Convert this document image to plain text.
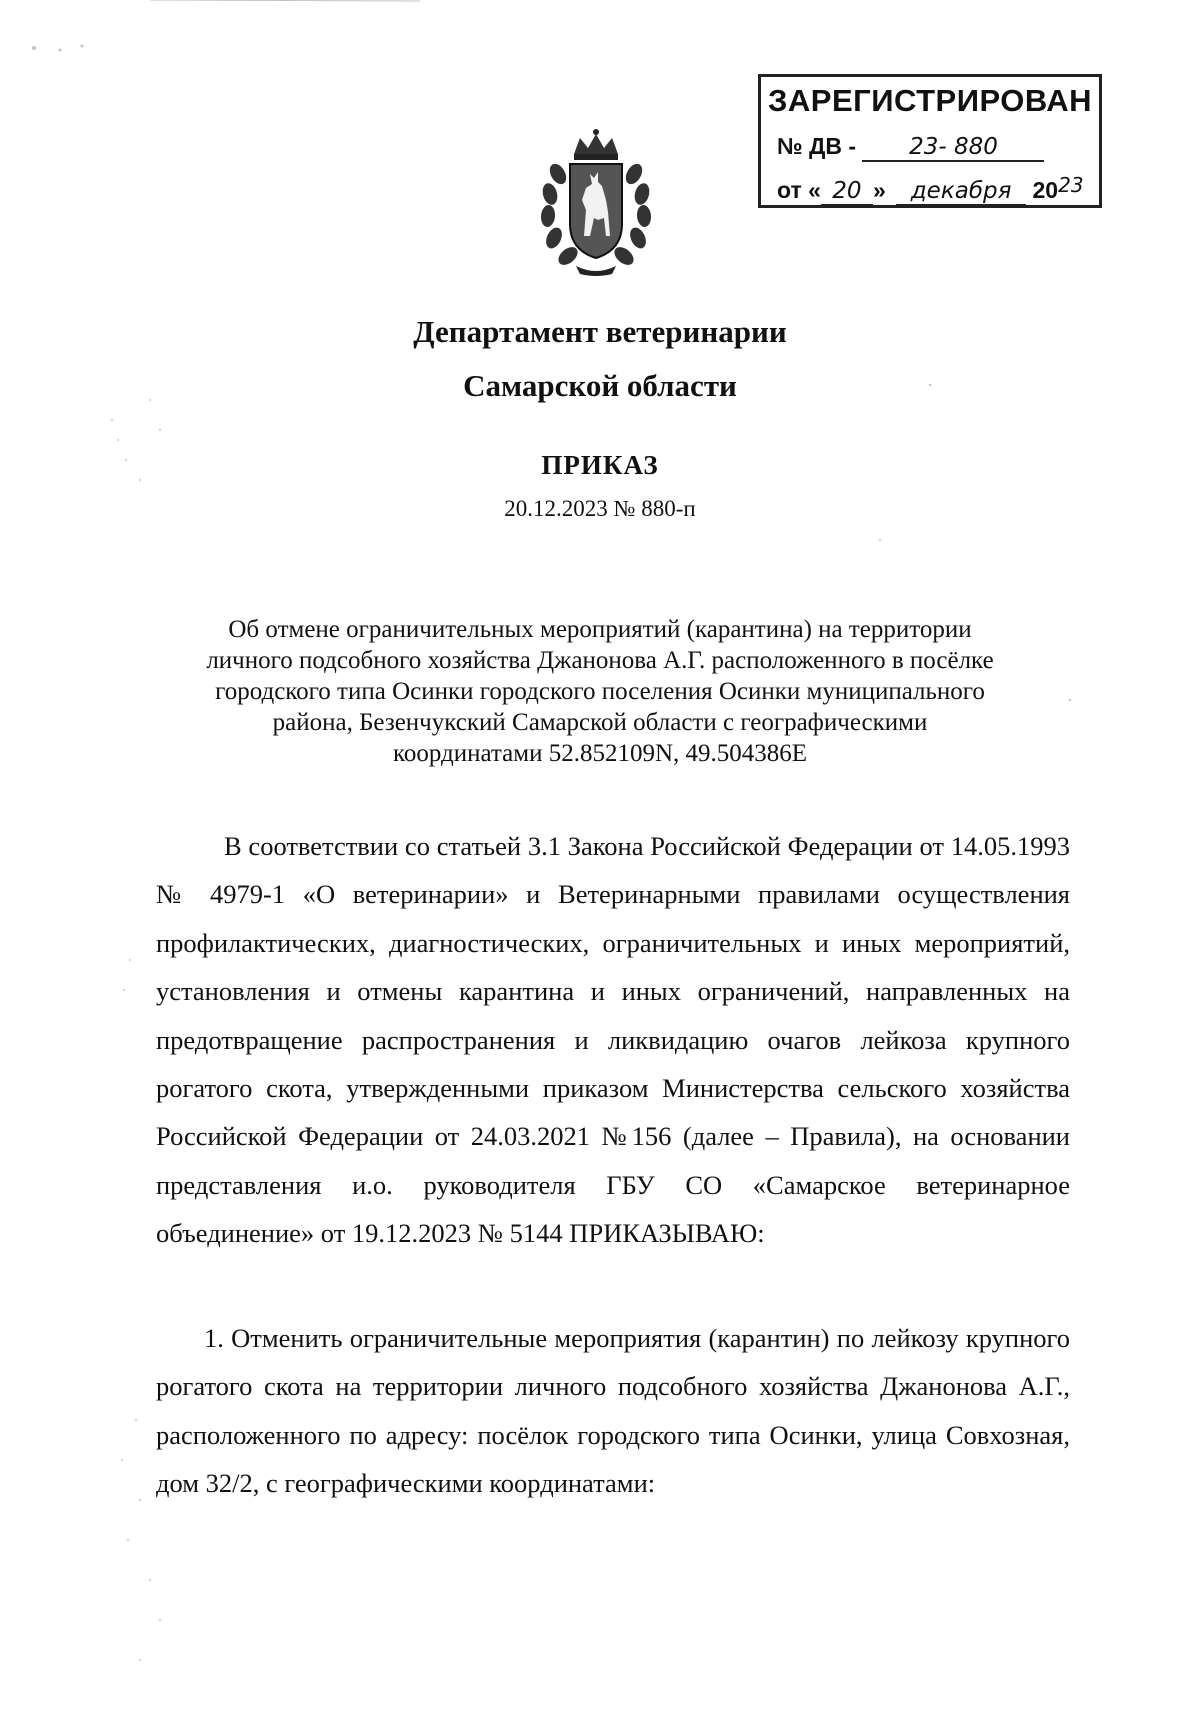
ЗАРЕГИСТРИРОВАН
№ ДВ - 23- 880
от « 20 » декабря 2023
Департамент ветеринарии
Самарской области
ПРИКАЗ
20.12.2023 № 880-п
Об отмене ограничительных мероприятий (карантина) на территории
личного подсобного хозяйства Джанонова А.Г. расположенного в посёлке
городского типа Осинки городского поселения Осинки муниципального
района, Безенчукский Самарской области с географическими
координатами 52.852109N, 49.504386E
В соответствии со статьей 3.1 Закона Российской Федерации от 14.05.1993 № 4979-1 «О ветеринарии» и Ветеринарными правилами осуществления профилактических, диагностических, ограничительных и иных мероприятий, установления и отмены карантина и иных ограничений, направленных на предотвращение распространения и ликвидацию очагов лейкоза крупного рогатого скота, утвержденными приказом Министерства сельского хозяйства Российской Федерации от 24.03.2021 №156 (далее – Правила), на основании представления и.о. руководителя ГБУ СО «Самарское ветеринарное объединение» от 19.12.2023 № 5144 ПРИКАЗЫВАЮ:
1. Отменить ограничительные мероприятия (карантин) по лейкозу крупного рогатого скота на территории личного подсобного хозяйства Джанонова А.Г., расположенного по адресу: посёлок городского типа Осинки, улица Совхозная, дом 32/2, с географическими координатами:
